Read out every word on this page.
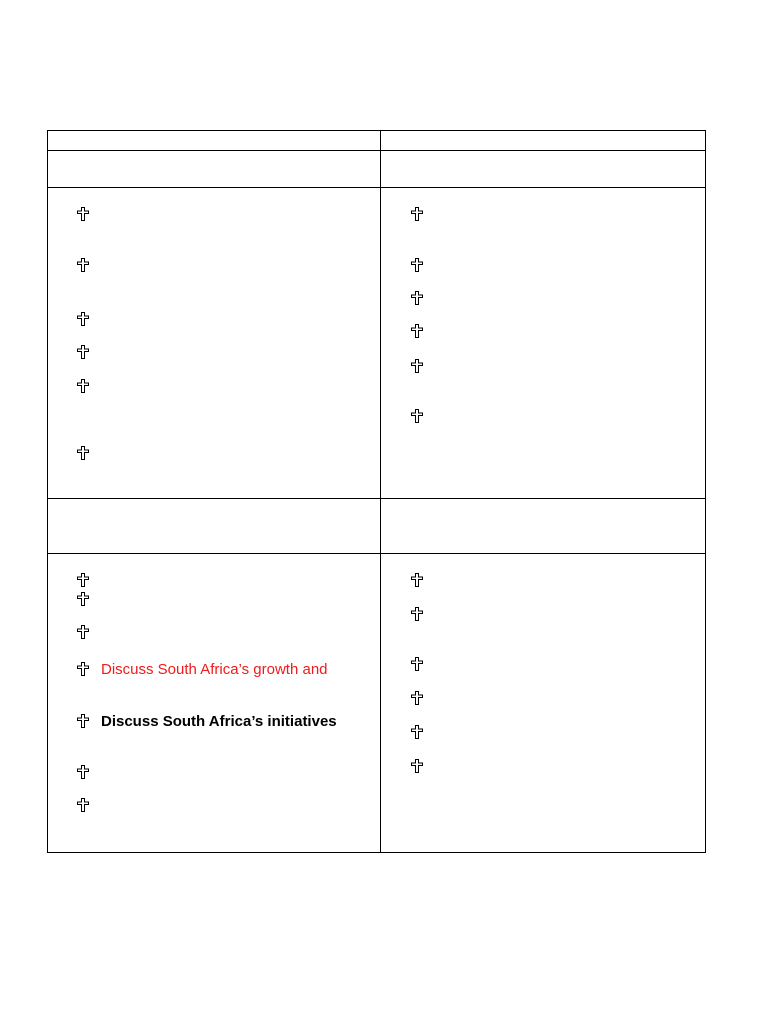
Discuss South Africa’s growth and
Discuss South Africa’s initiatives
